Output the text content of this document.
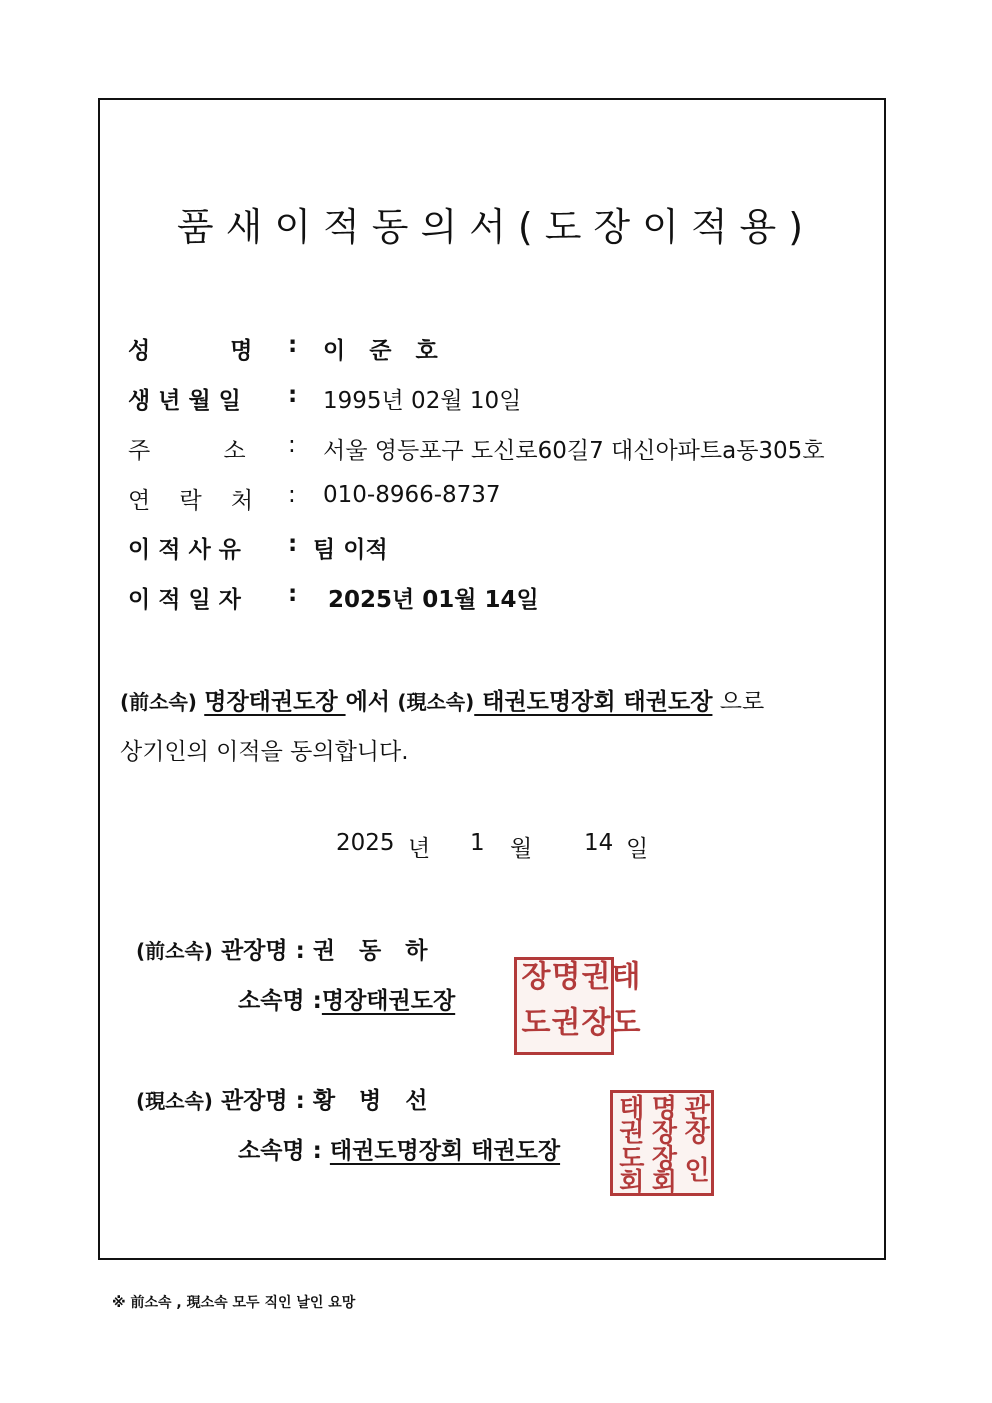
품새이적동의서(도장이적용)
성          명 : 이 준 호
생 년 월 일 : 1995년 02월 10일
주          소 : 서울 영등포구 도신로60길7 대신아파트a동305호
연    락    처 : 010-8966-8737
이 적 사 유 : 팀 이적
이 적 일 자 : 2025년 01월 14일
(前소속) 명장태권도장 에서 (現소속) 태권도명장회 태권도장 으로
상기인의 이적을 동의합니다.
2025 년 1 월 14 일
(前소속) 관장명 : 권 동 하
소속명 :명장태권도장
명장	태권
권도	도장
(現소속) 관장명 : 황 병 선
소속명 : 태권도명장회 태권도장
태권 명장 관장
도회 장회 인
※ 前소속 , 現소속 모두 직인 날인 요망
